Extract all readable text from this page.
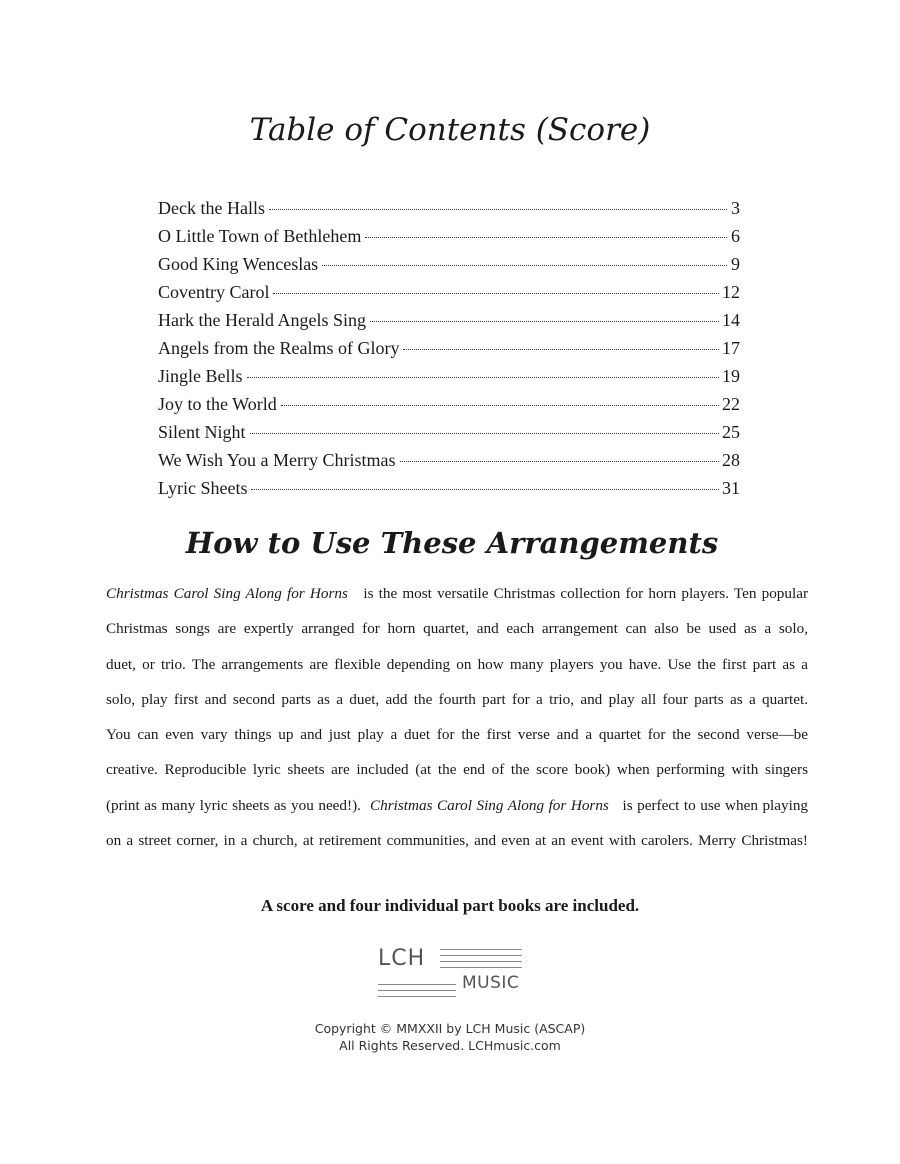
Table of Contents (Score)
Deck the Halls	3
O Little Town of Bethlehem	6
Good King Wenceslas	9
Coventry Carol	12
Hark the Herald Angels Sing	14
Angels from the Realms of Glory	17
Jingle Bells	19
Joy to the World	22
Silent Night	25
We Wish You a Merry Christmas	28
Lyric Sheets	31
How to Use These Arrangements
Christmas Carol Sing Along for Horns is the most versatile Christmas collection for horn players. Ten popular
Christmas songs are expertly arranged for horn quartet, and each arrangement can also be used as a solo,
duet, or trio. The arrangements are flexible depending on how many players you have. Use the first part as a
solo, play first and second parts as a duet, add the fourth part for a trio, and play all four parts as a quartet.
You can even vary things up and just play a duet for the first verse and a quartet for the second verse—be
creative. Reproducible lyric sheets are included (at the end of the score book) when performing with singers
(print as many lyric sheets as you need!). Christmas Carol Sing Along for Horns is perfect to use when playing
on a street corner, in a church, at retirement communities, and even at an event with carolers. Merry Christmas!
A score and four individual part books are included.
LCH
MUSIC
Copyright © MMXXII by LCH Music (ASCAP)
All Rights Reserved. LCHmusic.com
